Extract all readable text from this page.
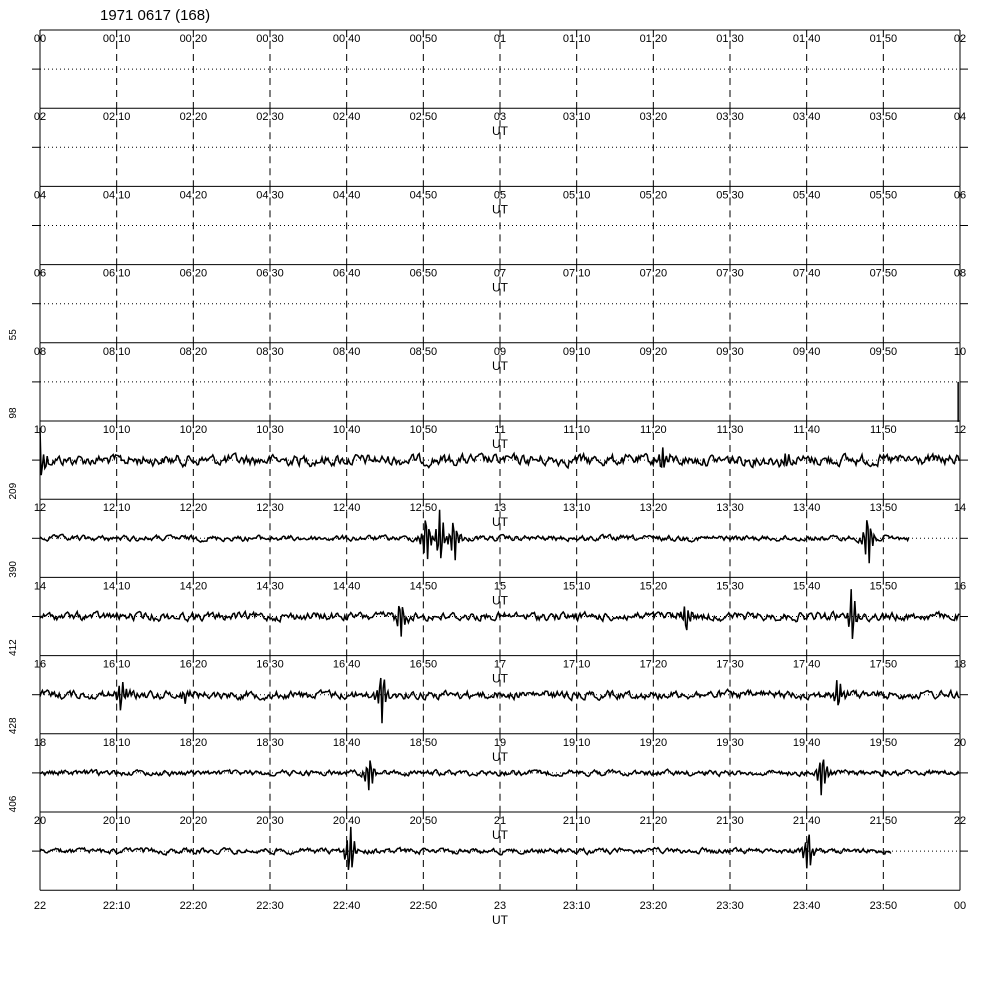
1971 0617 (168)
00	00:10	00:20	00:30	00:40	00:50	01	01:10	01:20	01:30	01:40	01:50	02
02	02:10	02:20	02:30	02:40	02:50	03	03:10	03:20	03:30	03:40	03:50	04
UT
04	04:10	04:20	04:30	04:40	04:50	05	05:10	05:20	05:30	05:40	05:50	06
UT
06	06:10	06:20	06:30	06:40	06:50	07	07:10	07:20	07:30	07:40	07:50	08
UT
08	08:10	08:20	08:30	08:40	08:50	09	09:10	09:20	09:30	09:40	09:50	10
UT
55
10	10:10	10:20	10:30	10:40	10:50	11	11:10	11:20	11:30	11:40	11:50	12
UT
98
12	12:10	12:20	12:30	12:40	12:50	13	13:10	13:20	13:30	13:40	13:50	14
UT
209
14	14:10	14:20	14:30	14:40	14:50	15	15:10	15:20	15:30	15:40	15:50	16
UT
390
16	16:10	16:20	16:30	16:40	16:50	17	17:10	17:20	17:30	17:40	17:50	18
UT
412
18	18:10	18:20	18:30	18:40	18:50	19	19:10	19:20	19:30	19:40	19:50	20
UT
428
20	20:10	20:20	20:30	20:40	20:50	21	21:10	21:20	21:30	21:40	21:50	22
UT
406
22	22:10	22:20	22:30	22:40	22:50	23	23:10	23:20	23:30	23:40	23:50	00
UT
